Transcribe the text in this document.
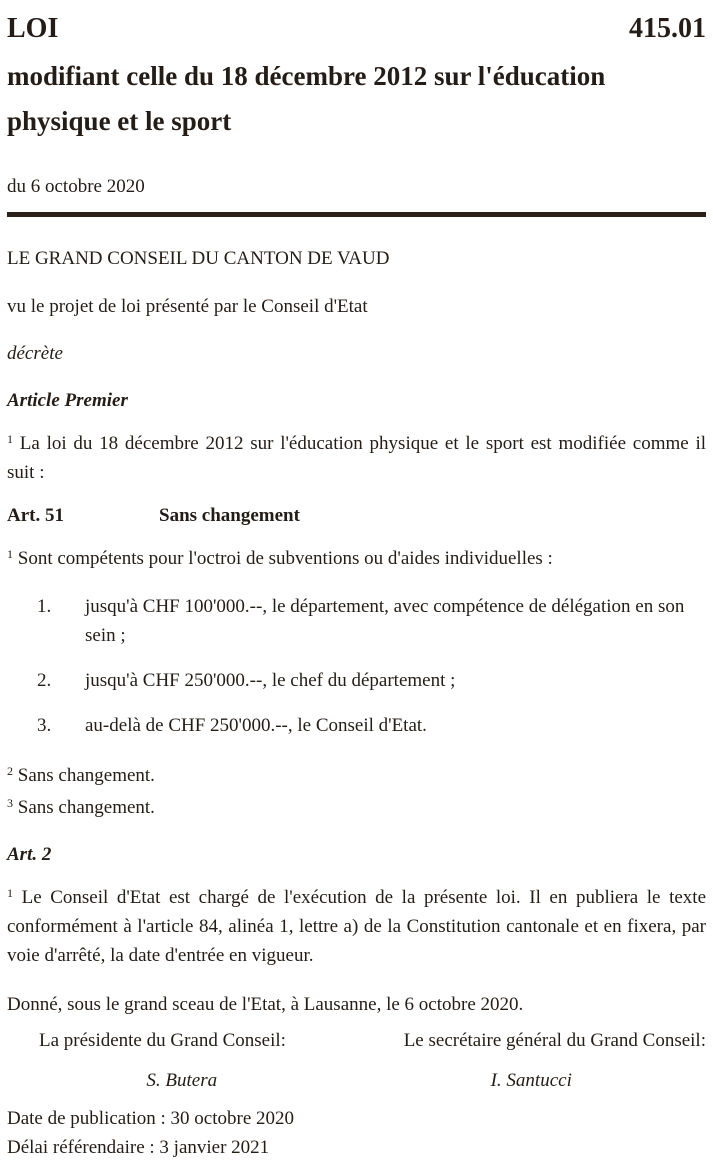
LOI	415.01
modifiant celle du 18 décembre 2012 sur l'éducation physique et le sport

du 6 octobre 2020

LE GRAND CONSEIL DU CANTON DE VAUD

vu le projet de loi présenté par le Conseil d'Etat

décrète

Article Premier

$^1$ La loi du 18 décembre 2012 sur l'éducation physique et le sport est modifiée comme il suit :

Art. 51	Sans changement

$^1$ Sont compétents pour l'octroi de subventions ou d'aides individuelles :

1.	jusqu'à CHF 100'000.--, le département, avec compétence de délégation en son sein ;
2.	jusqu'à CHF 250'000.--, le chef du département ;
3.	au-delà de CHF 250'000.--, le Conseil d'Etat.

$^2$ Sans changement.

$^3$ Sans changement.

Art. 2

$^1$ Le Conseil d'Etat est chargé de l'exécution de la présente loi. Il en publiera le texte conformément à l'article 84, alinéa 1, lettre a) de la Constitution cantonale et en fixera, par voie d'arrêté, la date d'entrée en vigueur.

Donné, sous le grand sceau de l'Etat, à Lausanne, le 6 octobre 2020.

La présidente du Grand Conseil:	Le secrétaire général du Grand Conseil:
S. Butera	I. Santucci

Date de publication : 30 octobre 2020

Délai référendaire : 3 janvier 2021
